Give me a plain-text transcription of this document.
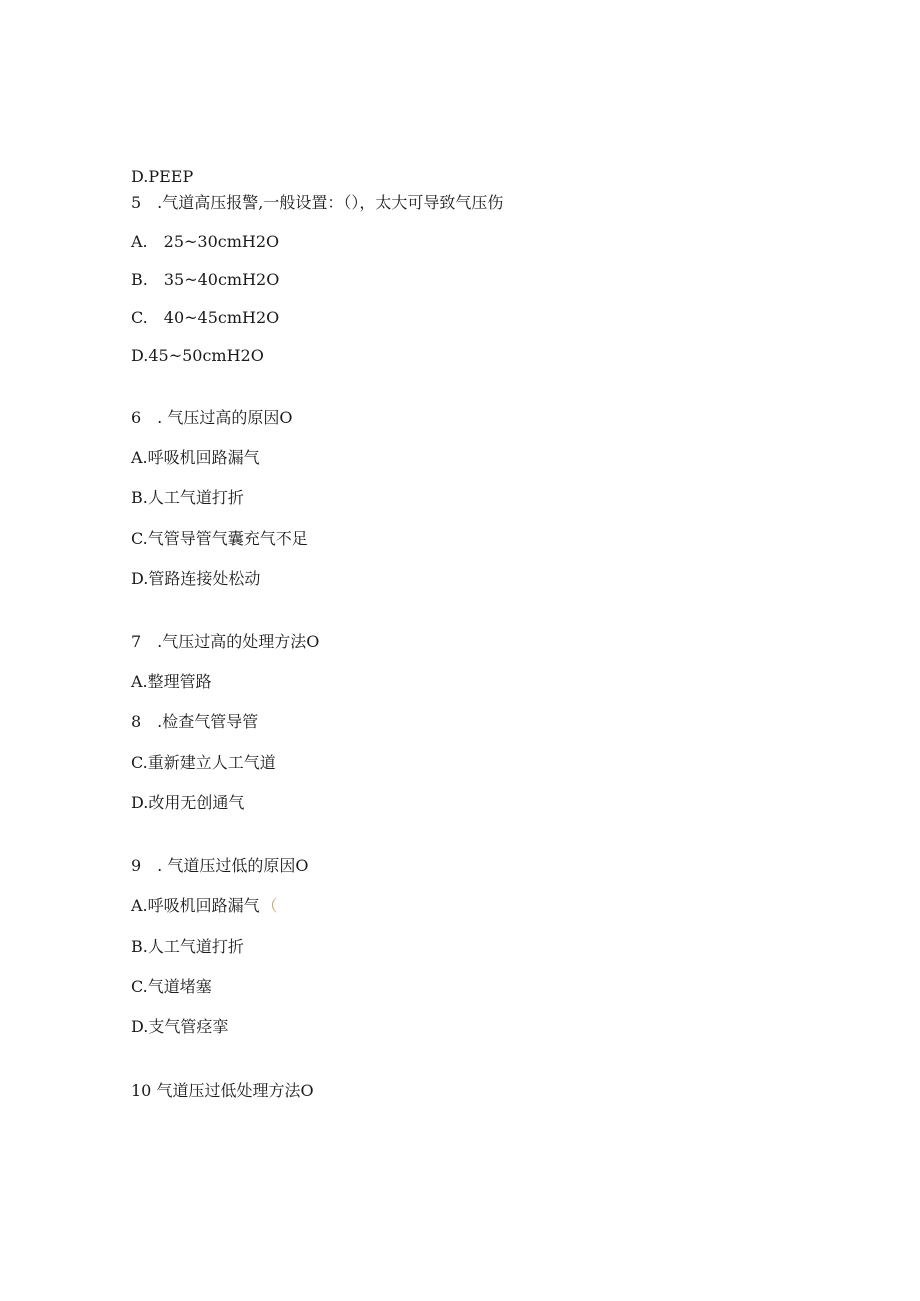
D.PEEP
5　.气道高压报警,一般设置：（），太大可导致气压伤
A.　25~30cmH2O
B.　35~40cmH2O
C.　40~45cmH2O
D.45~50cmH2O
6　. 气压过高的原因O
A.呼吸机回路漏气
B.人工气道打折
C.气管导管气囊充气不足
D.管路连接处松动
7　.气压过高的处理方法O
A.整理管路
8　.检查气管导管
C.重新建立人工气道
D.改用无创通气
9　. 气道压过低的原因O
A.呼吸机回路漏气 （
B.人工气道打折
C.气道堵塞
D.支气管痉挛
10 气道压过低处理方法O
